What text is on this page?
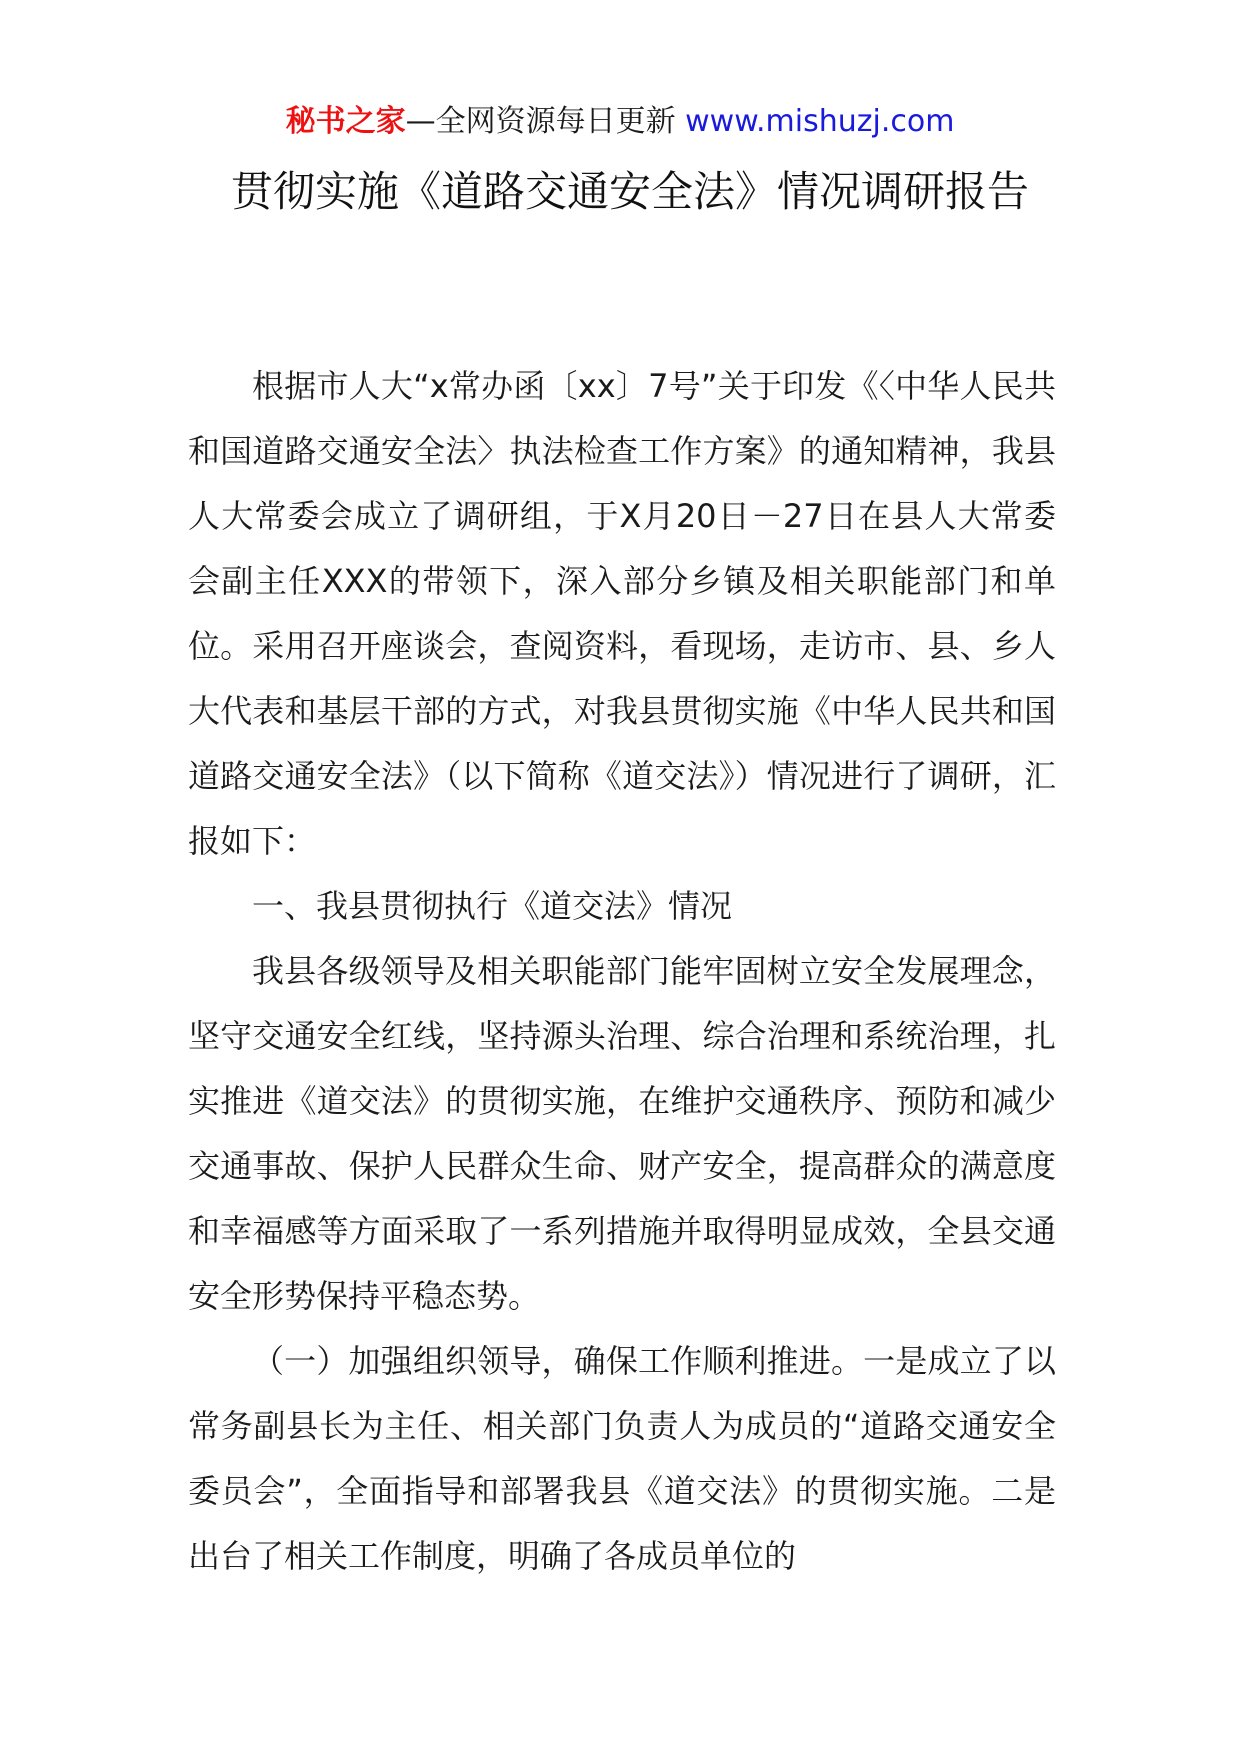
秘书之家—全网资源每日更新 www.mishuzj.com
贯彻实施《道路交通安全法》情况调研报告

根据市人大“x常办函〔xx〕7号”关于印发《〈中华人民共和国道路交通安全法〉执法检查工作方案》的通知精神，我县人大常委会成立了调研组，于X月20日－27日在县人大常委会副主任XXX的带领下，深入部分乡镇及相关职能部门和单位。采用召开座谈会，查阅资料，看现场，走访市、县、乡人大代表和基层干部的方式，对我县贯彻实施《中华人民共和国道路交通安全法》（以下简称《道交法》）情况进行了调研，汇报如下：

一、我县贯彻执行《道交法》情况

我县各级领导及相关职能部门能牢固树立安全发展理念，坚守交通安全红线，坚持源头治理、综合治理和系统治理，扎实推进《道交法》的贯彻实施，在维护交通秩序、预防和减少交通事故、保护人民群众生命、财产安全，提高群众的满意度和幸福感等方面采取了一系列措施并取得明显成效，全县交通安全形势保持平稳态势。

（一）加强组织领导，确保工作顺利推进。一是成立了以常务副县长为主任、相关部门负责人为成员的“道路交通安全委员会”，全面指导和部署我县《道交法》的贯彻实施。二是出台了相关工作制度，明确了各成员单位的
